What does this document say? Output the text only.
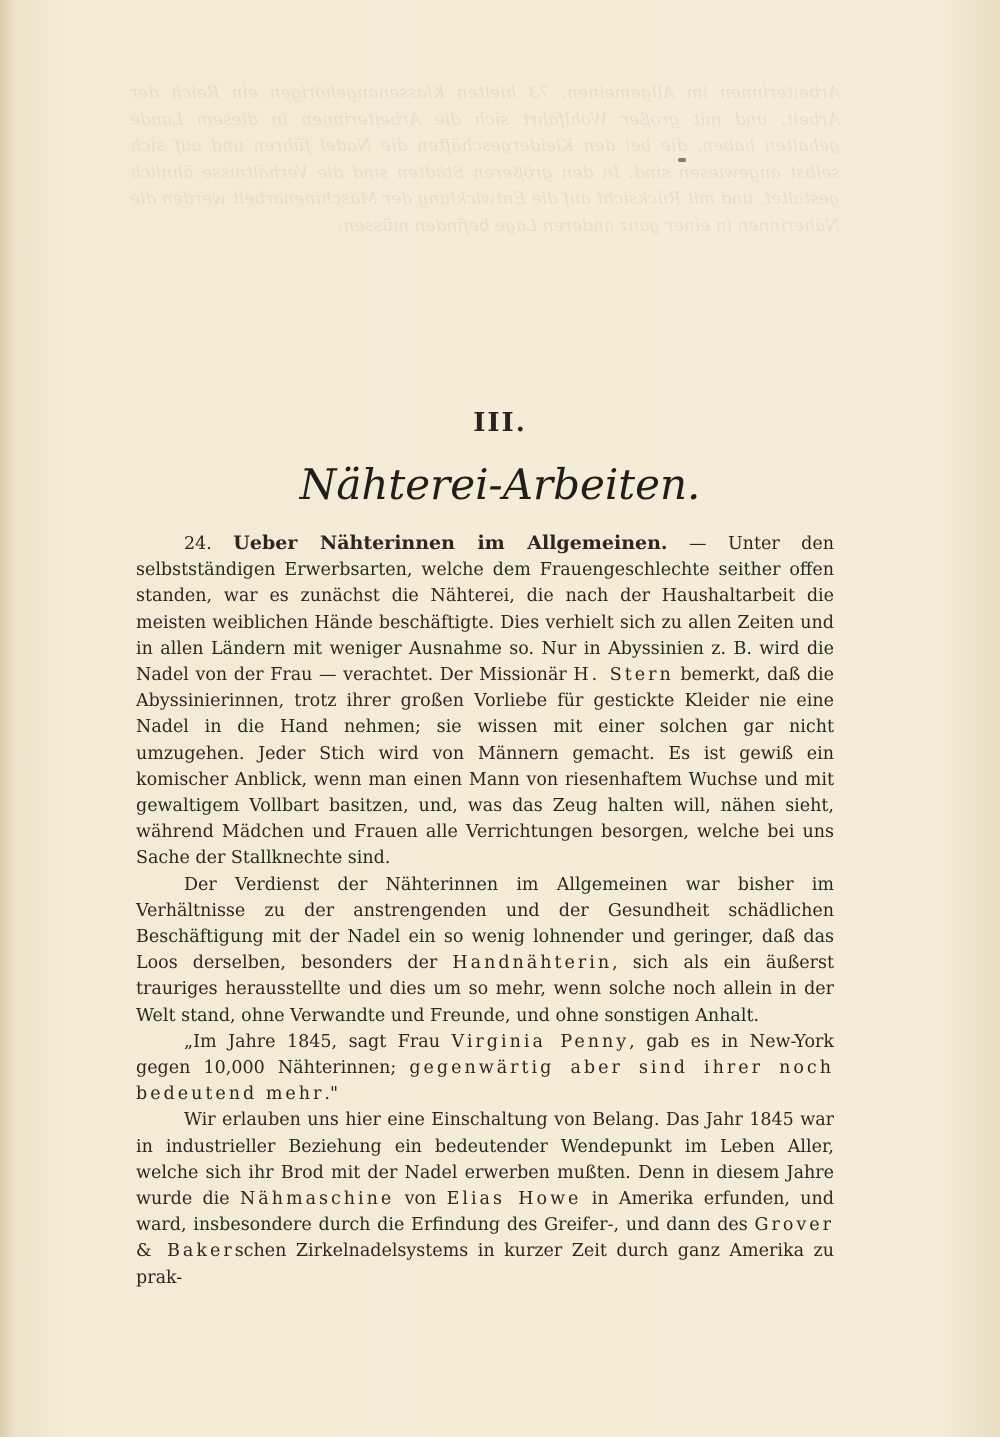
Arbeiterinnen im Allgemeinen. 73 hielten Klassenangehörigen ein Reich der Arbeit, und mit großer Wohlfahrt sich die Arbeiterinnen in diesem Lande gehalten haben, die bei den Kleidergeschäften die Nadel führen und auf sich selbst angewiesen sind. In den größeren Städten sind die Verhältnisse ähnlich gestaltet, und mit Rücksicht auf die Entwicklung der Maschinenarbeit werden die Näherinnen in einer ganz anderen Lage befinden müssen.
III.
Nähterei-Arbeiten.

24. Ueber Nähterinnen im Allgemeinen. — Unter den selbstständigen Erwerbsarten, welche dem Frauengeschlechte seither offen standen, war es zunächst die Nähterei, die nach der Haushaltarbeit die meisten weiblichen Hände beschäftigte. Dies verhielt sich zu allen Zeiten und in allen Ländern mit weniger Ausnahme so. Nur in Abyssinien z. B. wird die Nadel von der Frau — verachtet. Der Missionär H. Stern bemerkt, daß die Abyssinierinnen, trotz ihrer großen Vorliebe für gestickte Kleider nie eine Nadel in die Hand nehmen; sie wissen mit einer solchen gar nicht umzugehen. Jeder Stich wird von Männern gemacht. Es ist gewiß ein komischer Anblick, wenn man einen Mann von riesenhaftem Wuchse und mit gewaltigem Vollbart basitzen, und, was das Zeug halten will, nähen sieht, während Mädchen und Frauen alle Verrichtungen besorgen, welche bei uns Sache der Stallknechte sind.

Der Verdienst der Nähterinnen im Allgemeinen war bisher im Verhältnisse zu der anstrengenden und der Gesundheit schädlichen Beschäftigung mit der Nadel ein so wenig lohnender und geringer, daß das Loos derselben, besonders der Handnähterin, sich als ein äußerst trauriges herausstellte und dies um so mehr, wenn solche noch allein in der Welt stand, ohne Verwandte und Freunde, und ohne sonstigen Anhalt.

„Im Jahre 1845, sagt Frau Virginia Penny, gab es in New-York gegen 10,000 Nähterinnen; gegenwärtig aber sind ihrer noch bedeutend mehr."

Wir erlauben uns hier eine Einschaltung von Belang. Das Jahr 1845 war in industrieller Beziehung ein bedeutender Wendepunkt im Leben Aller, welche sich ihr Brod mit der Nadel erwerben mußten. Denn in diesem Jahre wurde die Nähmaschine von Elias Howe in Amerika erfunden, und ward, insbesondere durch die Erfindung des Greifer-, und dann des Grover & Bakerschen Zirkelnadelsystems in kurzer Zeit durch ganz Amerika zu prak-
